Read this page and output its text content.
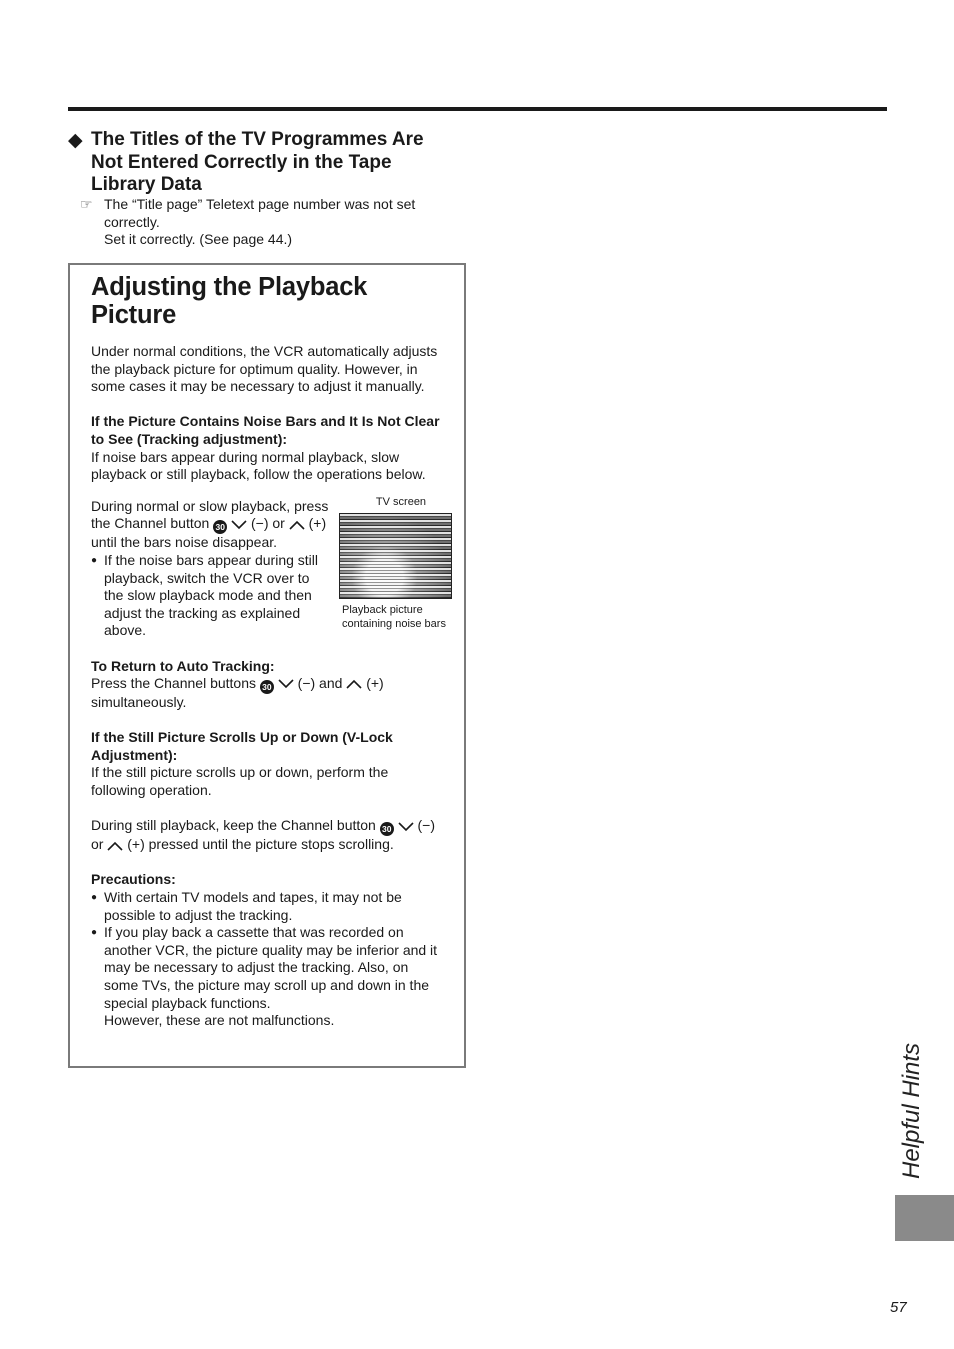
◆ The Titles of the TV Programmes Are Not Entered Correctly in the Tape Library Data
☞ The “Title page” Teletext page number was not set correctly.
Set it correctly. (See page 44.)
Adjusting the Playback Picture

Under normal conditions, the VCR automatically adjusts the playback picture for optimum quality. However, in some cases it may be necessary to adjust it manually.

If the Picture Contains Noise Bars and It Is Not Clear to See (Tracking adjustment):

If noise bars appear during normal playback, slow playback or still playback, follow the operations below.

During normal or slow playback, press the Channel button 30 (−) or (+) until the bars noise disappear.

● If the noise bars appear during still playback, switch the VCR over to the slow playback mode and then adjust the tracking as explained above.

TV screen
Playback picture containing noise bars

To Return to Auto Tracking:

Press the Channel buttons 30 (−) and (+) simultaneously.

If the Still Picture Scrolls Up or Down (V-Lock Adjustment):

If the still picture scrolls up or down, perform the following operation.

During still playback, keep the Channel button 30 (−) or (+) pressed until the picture stops scrolling.

Precautions:

● With certain TV models and tapes, it may not be possible to adjust the tracking.

● If you play back a cassette that was recorded on another VCR, the picture quality may be inferior and it may be necessary to adjust the tracking. Also, on some TVs, the picture may scroll up and down in the special playback functions.

However, these are not malfunctions.

Helpful Hints
57
